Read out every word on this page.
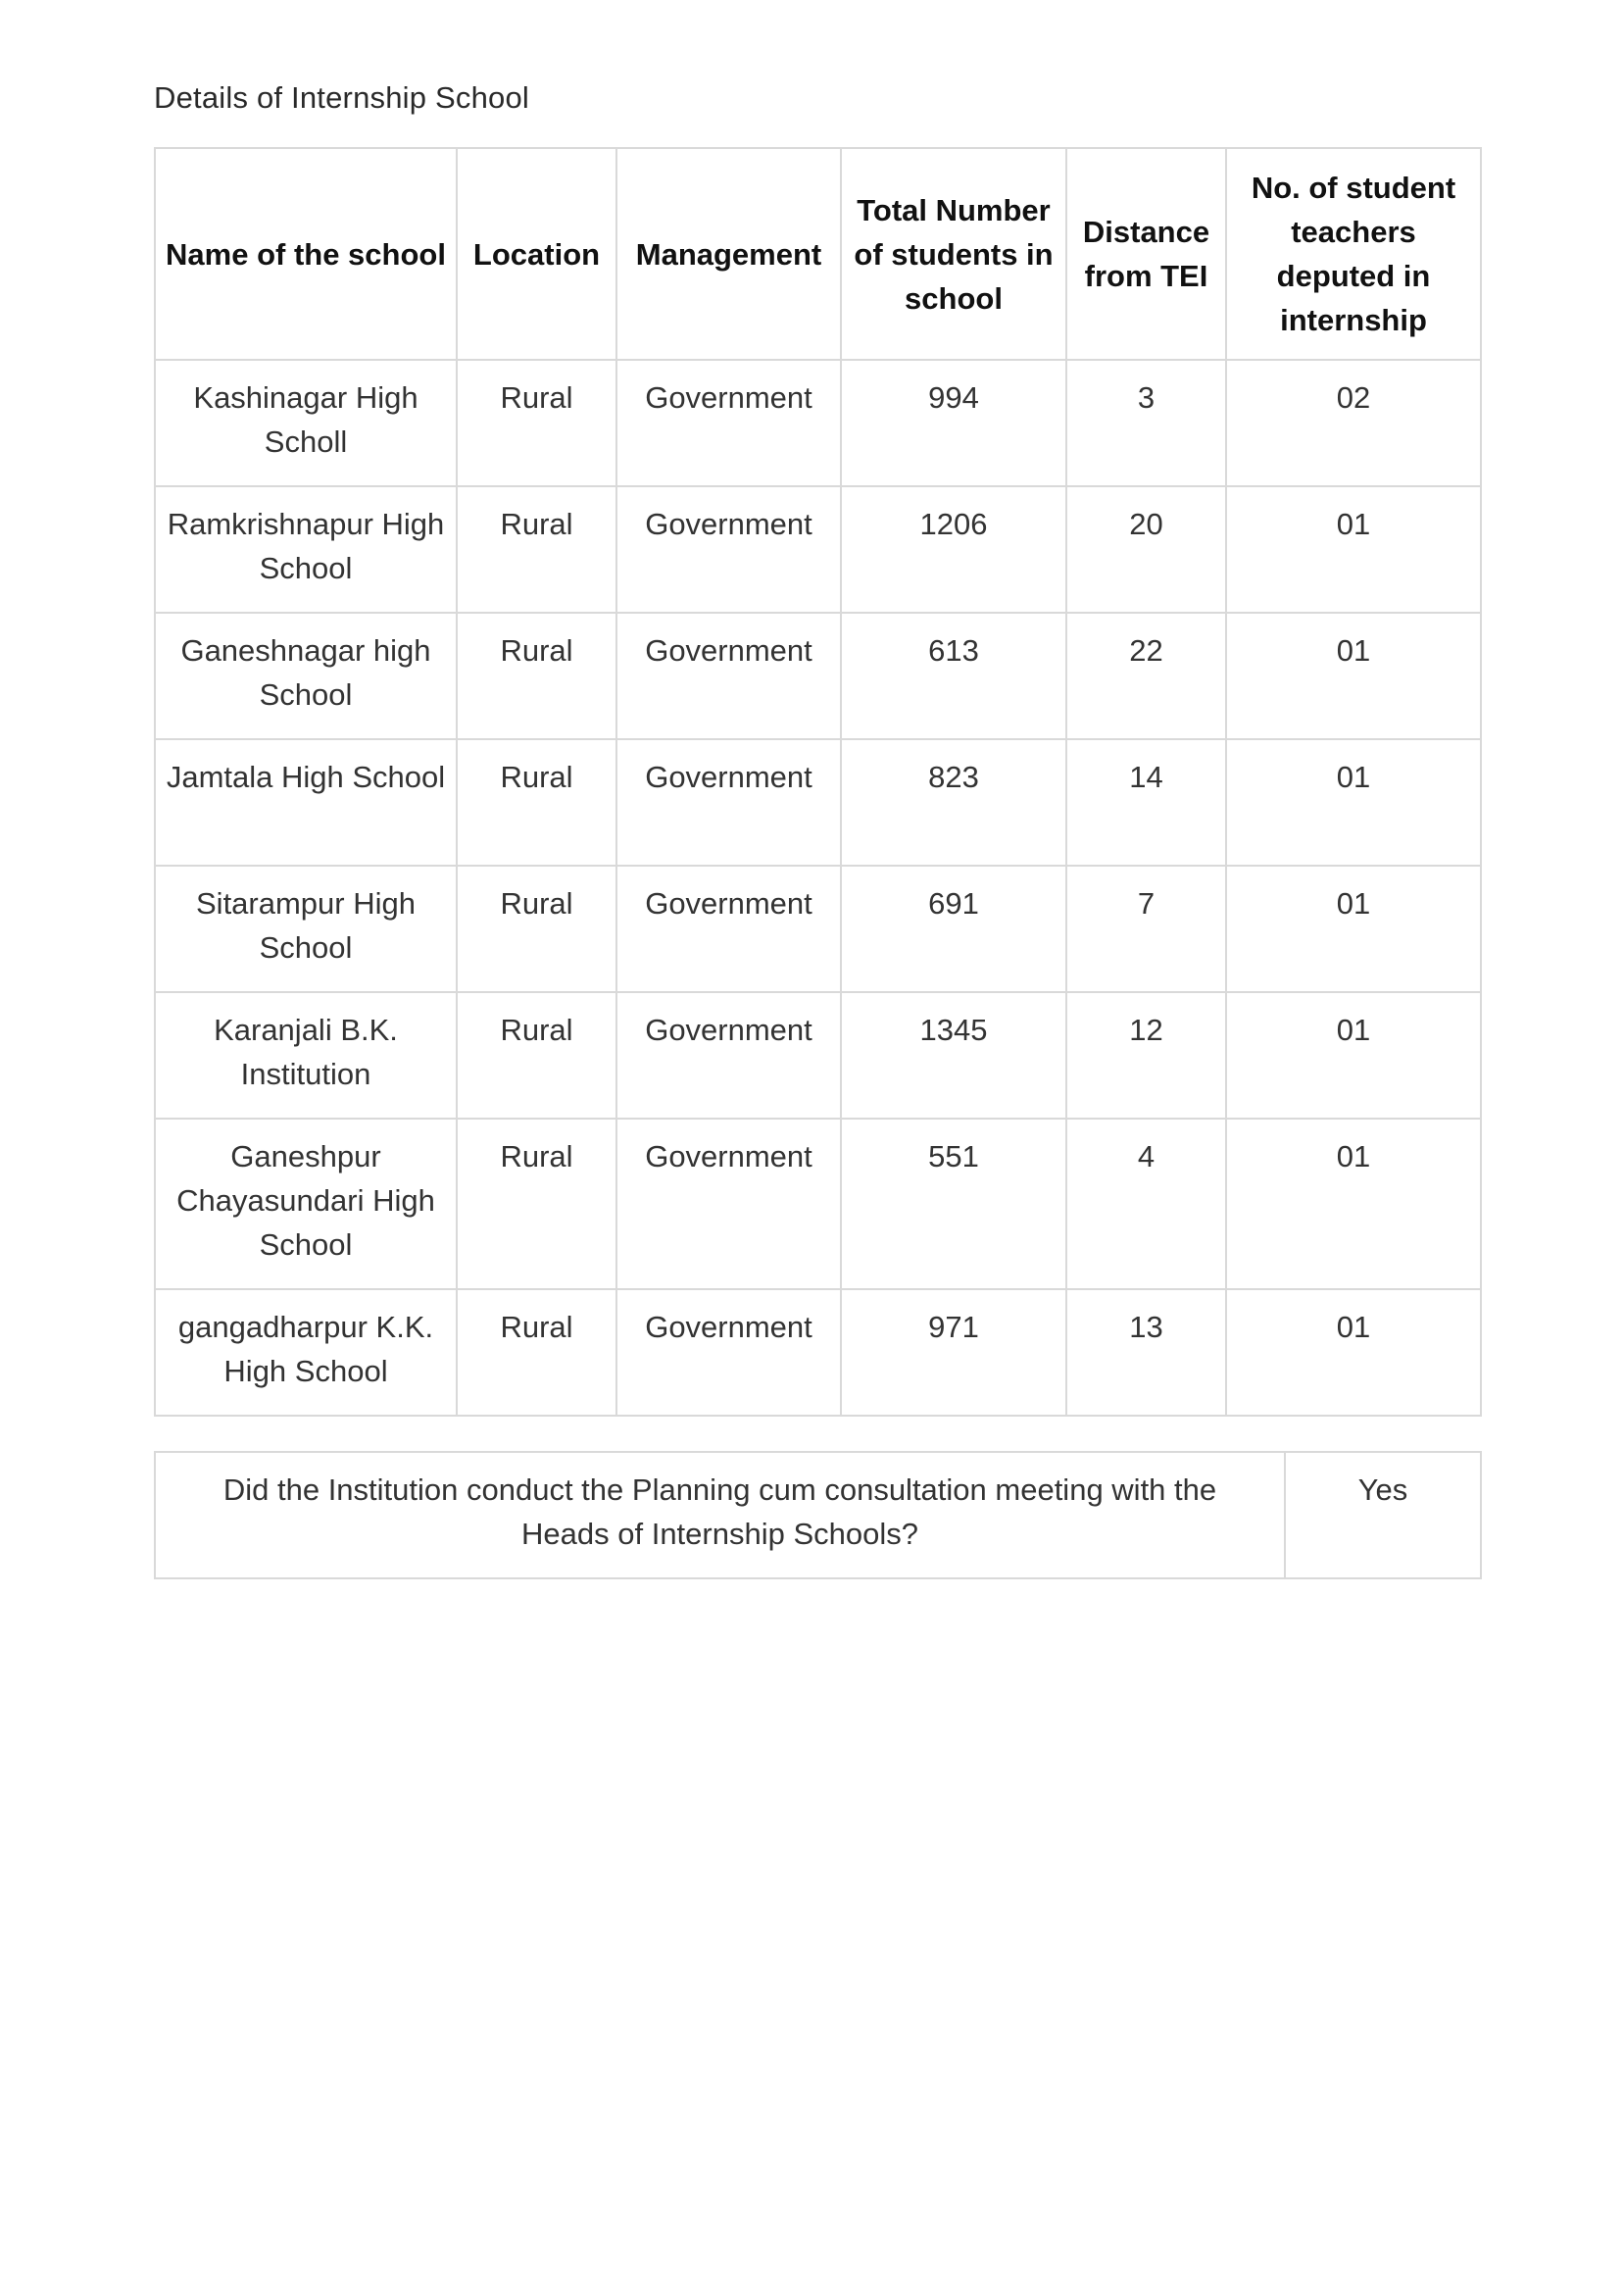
Details of Internship School
Name of the school	Location	Management	Total Number of students in school	Distance from TEI	No. of student teachers deputed in internship
Kashinagar High Scholl	Rural	Government	994	3	02
Ramkrishnapur High School	Rural	Government	1206	20	01
Ganeshnagar high School	Rural	Government	613	22	01
Jamtala High School	Rural	Government	823	14	01
Sitarampur High School	Rural	Government	691	7	01
Karanjali B.K. Institution	Rural	Government	1345	12	01
Ganeshpur Chayasundari High School	Rural	Government	551	4	01
gangadharpur K.K. High School	Rural	Government	971	13	01
Did the Institution conduct the Planning cum consultation meeting with the Heads of Internship Schools?	Yes
